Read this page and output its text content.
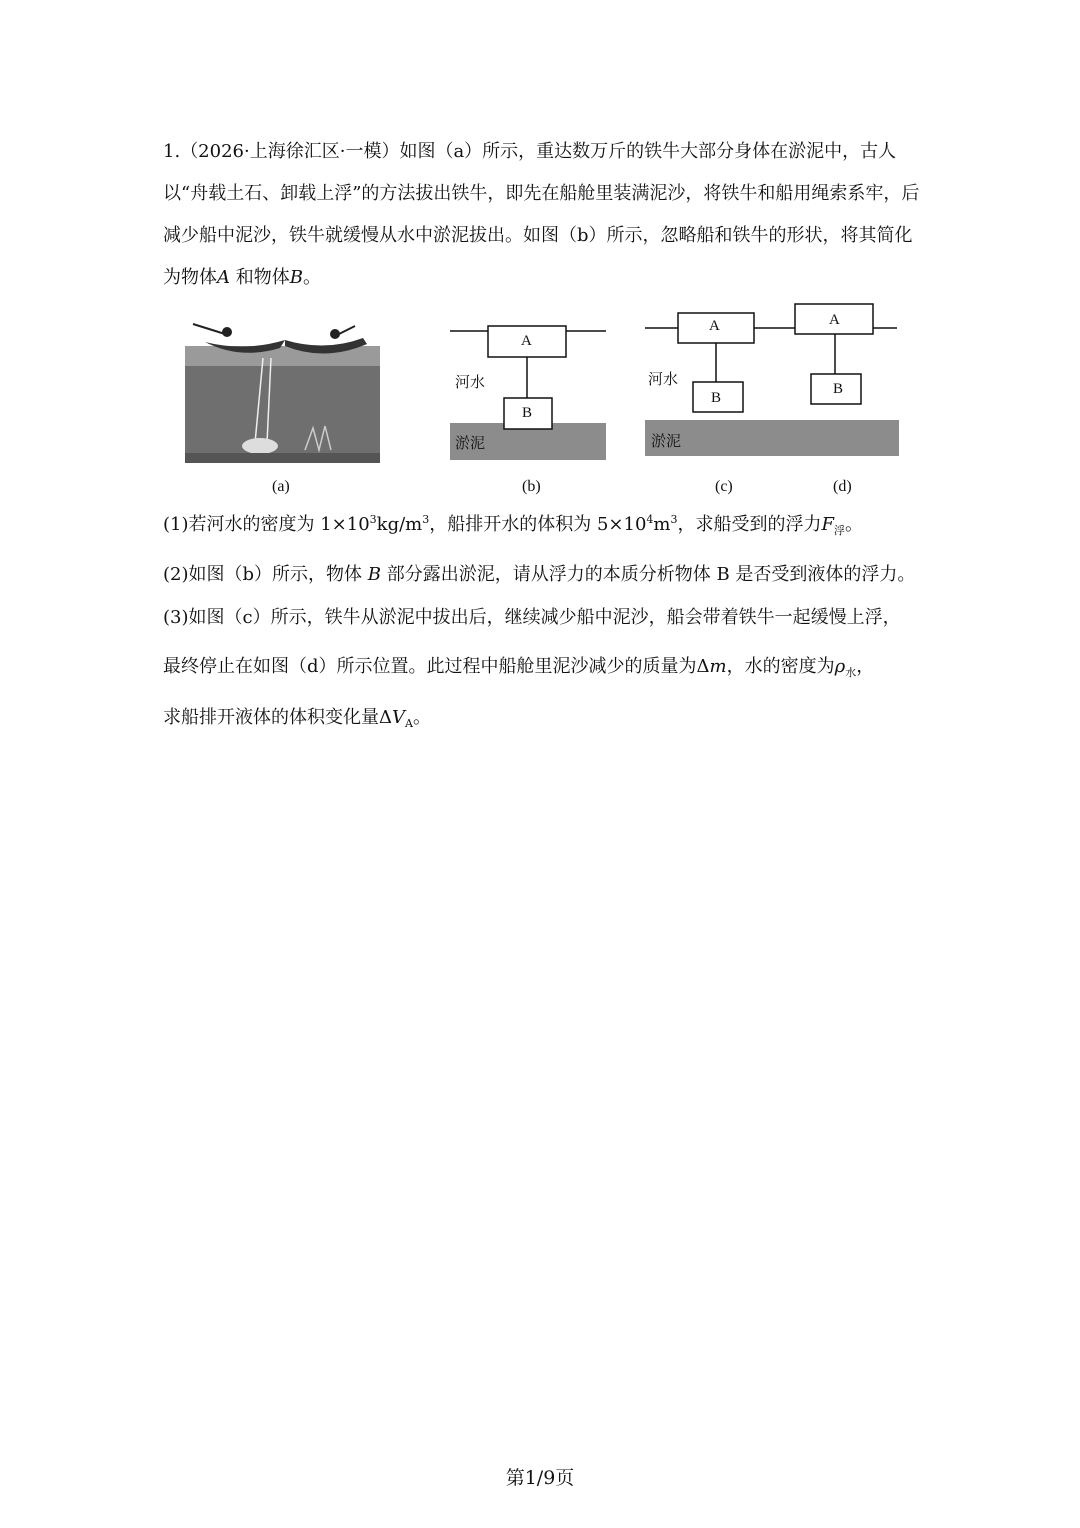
1.（2026·上海徐汇区·一模）如图（a）所示，重达数万斤的铁牛大部分身体在淤泥中，古人以“舟载土石、卸载上浮”的方法拔出铁牛，即先在船舱里装满泥沙，将铁牛和船用绳索系牢，后减少船中泥沙，铁牛就缓慢从水中淤泥拔出。如图（b）所示，忽略船和铁牛的形状，将其简化为物体A 和物体B。

A
B
河水
淤泥
A
B
A
B
河水
淤泥
(a)	(b)	(c)	(d)
(1)若河水的密度为 $1\times 10^3kg/m^3$，船排开水的体积为 $5\times 10^4m^3$，求船受到的浮力$F_浮$。
(2)如图（b）所示，物体 B 部分露出淤泥，请从浮力的本质分析物体 B 是否受到液体的浮力。
(3)如图（c）所示，铁牛从淤泥中拔出后，继续减少船中泥沙，船会带着铁牛一起缓慢上浮，
最终停止在如图（d）所示位置。此过程中船舱里泥沙减少的质量为Δm，水的密度为$\rho_水$，
求船排开液体的体积变化量$\Delta V_A$。
第1/9页
